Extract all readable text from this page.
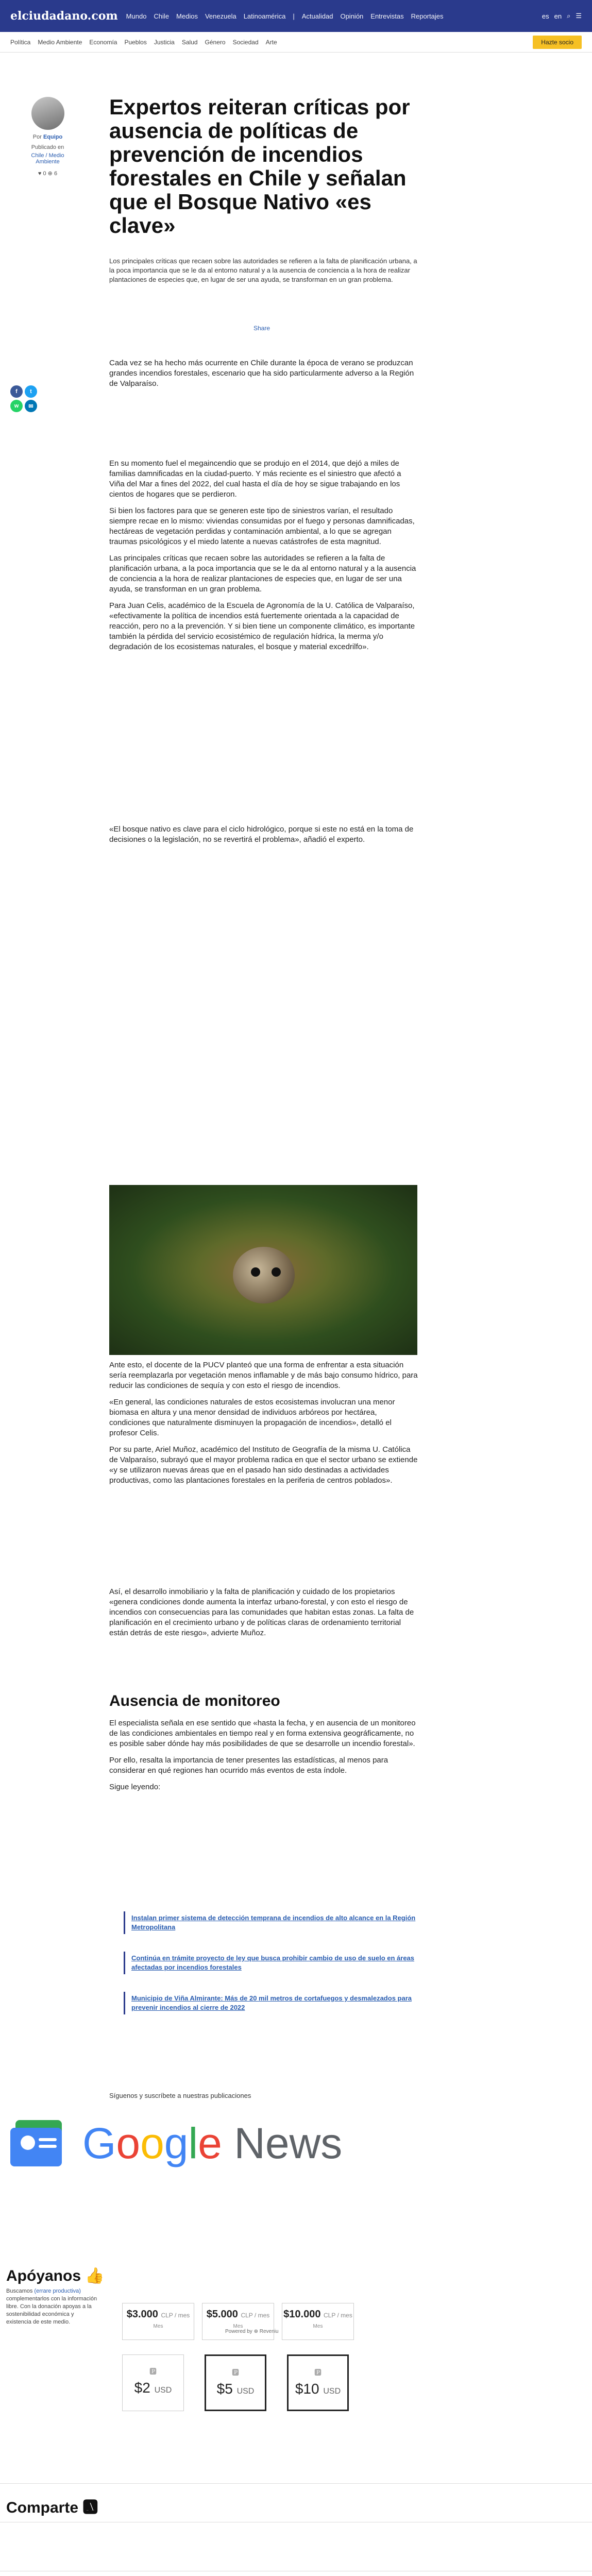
elciudadano.com Mundo Chile Medios Venezuela Latinoamérica | Actualidad Opinión Entrevistas Reportajes	es en ⌕ ☰
Política Medio Ambiente Economía Pueblos Justicia Salud Género Sociedad Arte	Hazte socio
Por Equipo
Publicado en
Chile / Medio Ambiente
♥ 0 ⊕ 6
Expertos reiteran críticas por ausencia de políticas de prevención de incendios forestales en Chile y señalan que el Bosque Nativo «es clave»

Los principales críticas que recaen sobre las autoridades se refieren a la falta de planificación urbana, a la poca importancia que se le da al entorno natural y a la ausencia de conciencia a la hora de realizar plantaciones de especies que, en lugar de ser una ayuda, se transforman en un gran problema.

Share
f	t
w	✉

Cada vez se ha hecho más ocurrente en Chile durante la época de verano se produzcan grandes incendios forestales, escenario que ha sido particularmente adverso a la Región de Valparaíso.

En su momento fuel el megaincendio que se produjo en el 2014, que dejó a miles de familias damnificadas en la ciudad-puerto. Y más reciente es el siniestro que afectó a Viña del Mar a fines del 2022, del cual hasta el día de hoy se sigue trabajando en los cientos de hogares que se perdieron.

Si bien los factores para que se generen este tipo de siniestros varían, el resultado siempre recae en lo mismo: viviendas consumidas por el fuego y personas damnificadas, hectáreas de vegetación perdidas y contaminación ambiental, a lo que se agregan traumas psicológicos y el miedo latente a nuevas catástrofes de esta magnitud.

Las principales críticas que recaen sobre las autoridades se refieren a la falta de planificación urbana, a la poca importancia que se le da al entorno natural y a la ausencia de conciencia a la hora de realizar plantaciones de especies que, en lugar de ser una ayuda, se transforman en un gran problema.

Para Juan Celis, académico de la Escuela de Agronomía de la U. Católica de Valparaíso, «efectivamente la política de incendios está fuertemente orientada a la capacidad de reacción, pero no a la prevención. Y si bien tiene un componente climático, es importante también la pérdida del servicio ecosistémico de regulación hídrica, la merma y/o degradación de los ecosistemas naturales, el bosque y material excedrilfo».

«El bosque nativo es clave para el ciclo hidrológico, porque si este no está en la toma de decisiones o la legislación, no se revertirá el problema», añadió el experto.

Ante esto, el docente de la PUCV planteó que una forma de enfrentar a esta situación sería reemplazarla por vegetación menos inflamable y de más bajo consumo hídrico, para reducir las condiciones de sequía y con esto el riesgo de incendios.

«En general, las condiciones naturales de estos ecosistemas involucran una menor biomasa en altura y una menor densidad de individuos arbóreos por hectárea, condiciones que naturalmente disminuyen la propagación de incendios», detalló el profesor Celis.

Por su parte, Ariel Muñoz, académico del Instituto de Geografía de la misma U. Católica de Valparaíso, subrayó que el mayor problema radica en que el sector urbano se extiende «y se utilizaron nuevas áreas que en el pasado han sido destinadas a actividades productivas, como las plantaciones forestales en la periferia de centros poblados».

Así, el desarrollo inmobiliario y la falta de planificación y cuidado de los propietarios «genera condiciones donde aumenta la interfaz urbano-forestal, y con esto el riesgo de incendios con consecuencias para las comunidades que habitan estas zonas. La falta de planificación en el crecimiento urbano y de políticas claras de ordenamiento territorial están detrás de este riesgo», advierte Muñoz.

Ausencia de monitoreo

El especialista señala en ese sentido que «hasta la fecha, y en ausencia de un monitoreo de las condiciones ambientales en tiempo real y en forma extensiva geográficamente, no es posible saber dónde hay más posibilidades de que se desarrolle un incendio forestal».

Por ello, resalta la importancia de tener presentes las estadísticas, al menos para considerar en qué regiones han ocurrido más eventos de esta índole.

Sigue leyendo:

Instalan primer sistema de detección temprana de incendios de alto alcance en la Región Metropolitana
Continúa en trámite proyecto de ley que busca prohibir cambio de uso de suelo en áreas afectadas por incendios forestales
Municipio de Viña Almirante: Más de 20 mil metros de cortafuegos y desmalezados para prevenir incendios al cierre de 2022
Síguenos y suscríbete a nuestras publicaciones
Google News
Apóyanos 👍
Buscamos (errare productiva) complementarlos con la información libre. Con la donación apoyas a la sostenibilidad económica y existencia de este medio.
$3.000 CLP / mes
Mes
$5.000 CLP / mes
Mes
$10.000 CLP / mes
Mes
Powered by ⊕ Reveniu
🅿
$2 USD
🅿
$5 USD
🅿
$10 USD
Comparte 🅰
